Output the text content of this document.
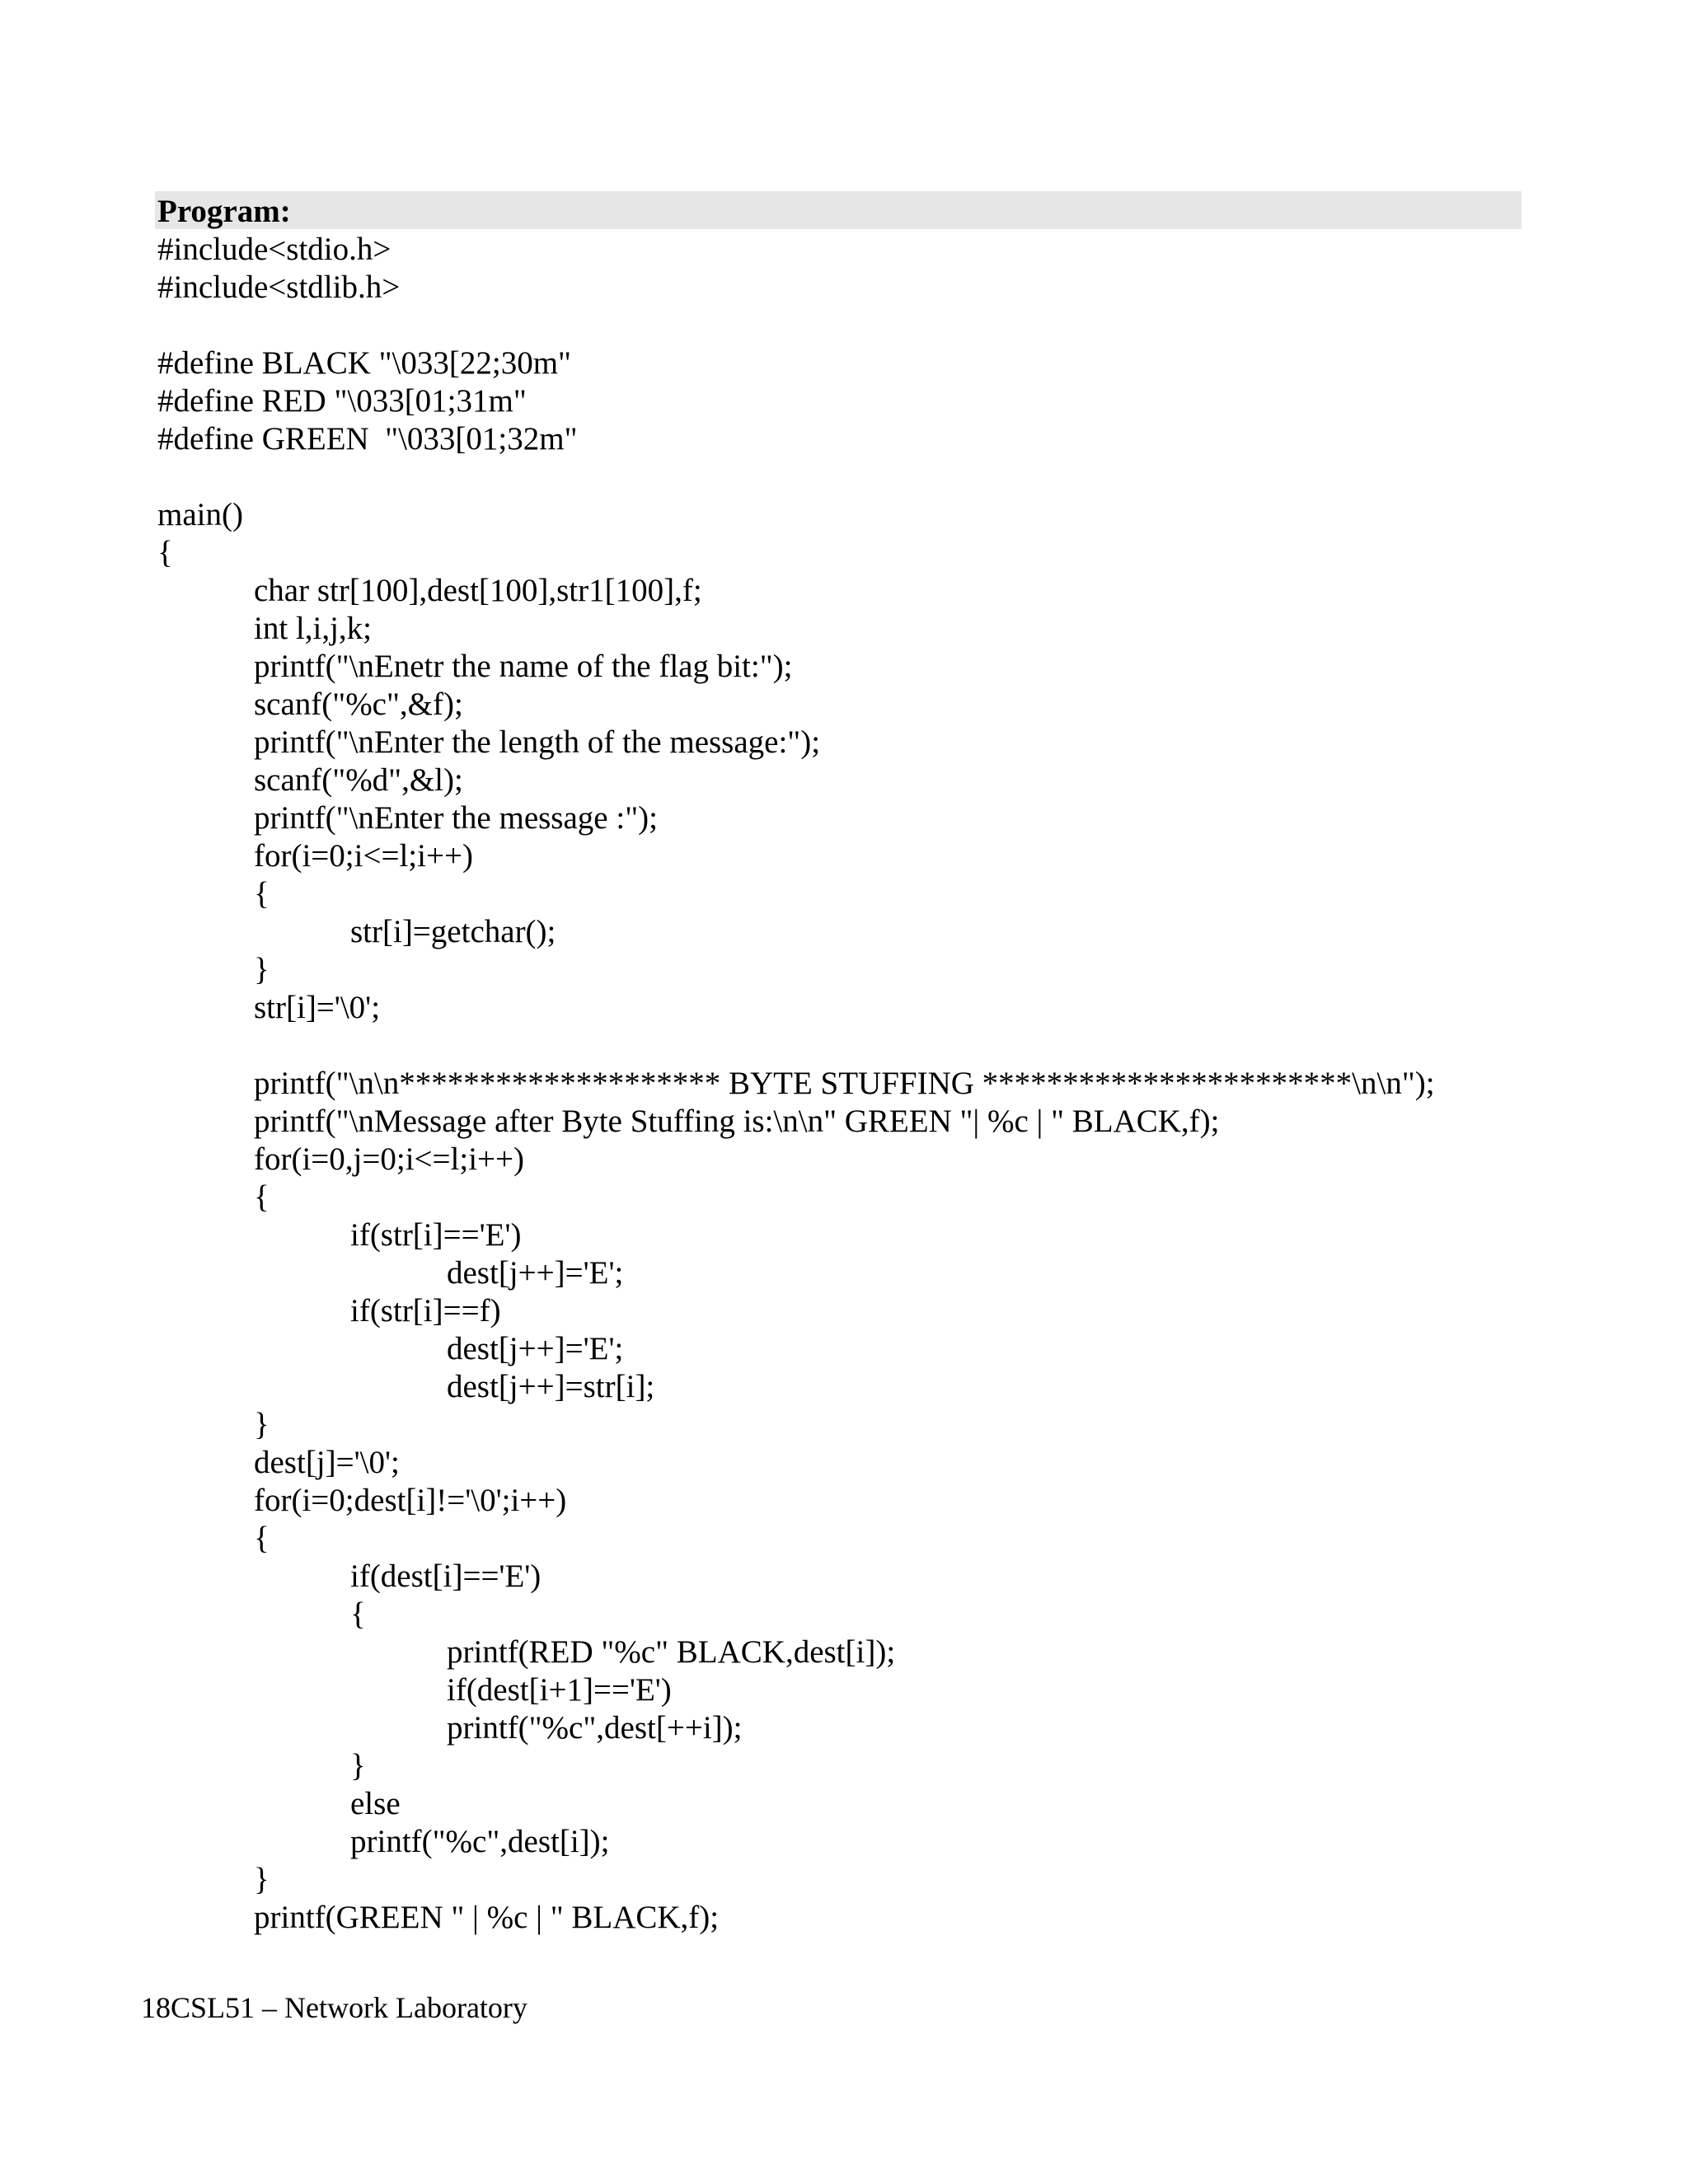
Program:
#include<stdio.h>
#include<stdlib.h>
#define BLACK "\033[22;30m"
#define RED "\033[01;31m"
#define GREEN  "\033[01;32m"
main()
{
char str[100],dest[100],str1[100],f;
int l,i,j,k;
printf("\nEnetr the name of the flag bit:");
scanf("%c",&f);
printf("\nEnter the length of the message:");
scanf("%d",&l);
printf("\nEnter the message :");
for(i=0;i<=l;i++)
{
str[i]=getchar();
}
str[i]='\0';
printf("\n\n******************** BYTE STUFFING ***********************\n\n");
printf("\nMessage after Byte Stuffing is:\n\n" GREEN "| %c | " BLACK,f);
for(i=0,j=0;i<=l;i++)
{
if(str[i]=='E')
dest[j++]='E';
if(str[i]==f)
dest[j++]='E';
dest[j++]=str[i];
}
dest[j]='\0';
for(i=0;dest[i]!='\0';i++)
{
if(dest[i]=='E')
{
printf(RED "%c" BLACK,dest[i]);
if(dest[i+1]=='E')
printf("%c",dest[++i]);
}
else
printf("%c",dest[i]);
}
printf(GREEN " | %c | " BLACK,f);
18CSL51 – Network Laboratory
